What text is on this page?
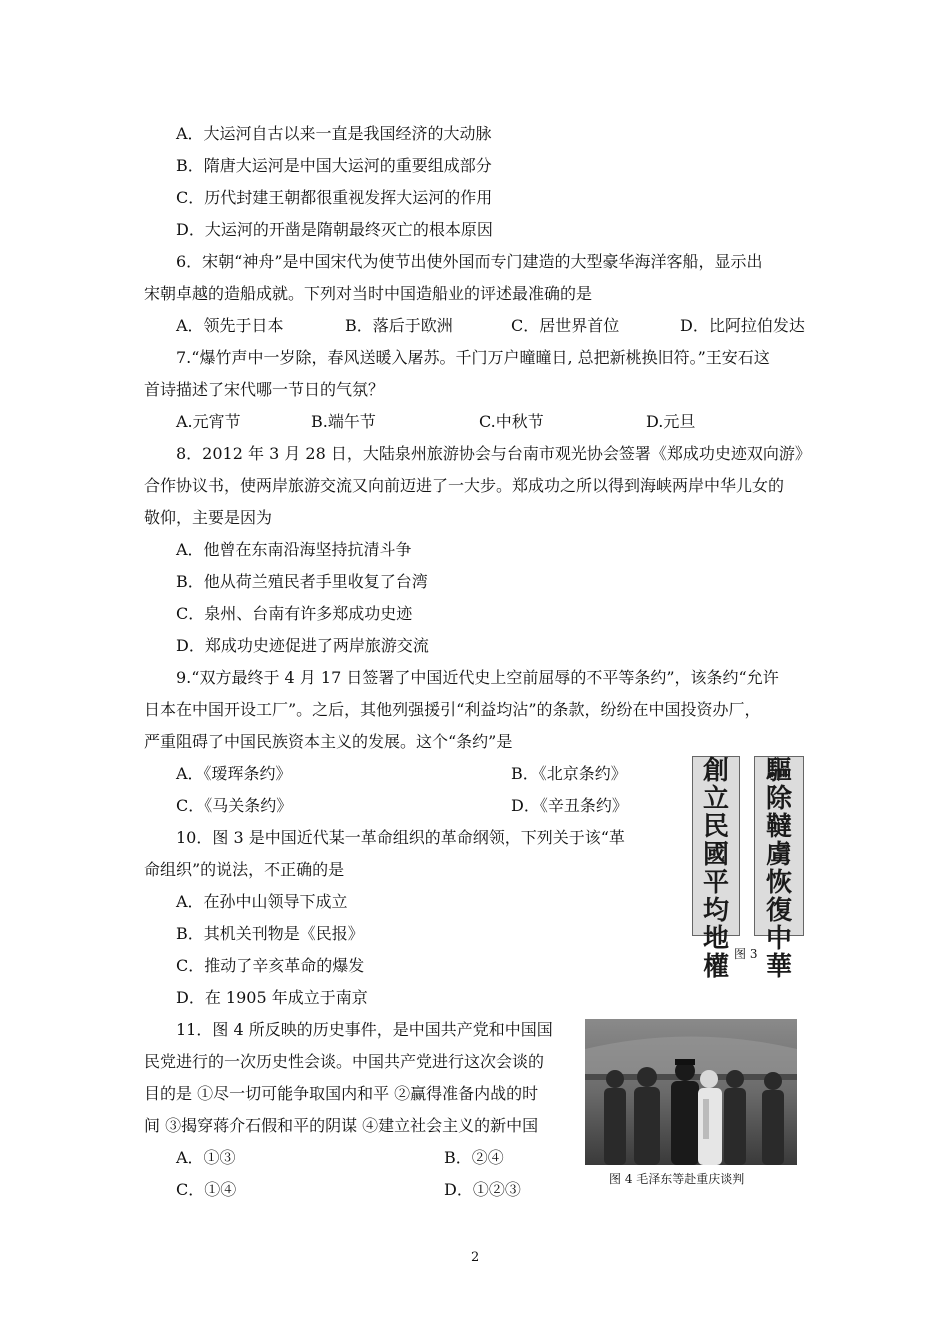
A．大运河自古以来一直是我国经济的大动脉
B．隋唐大运河是中国大运河的重要组成部分
C．历代封建王朝都很重视发挥大运河的作用
D．大运河的开凿是隋朝最终灭亡的根本原因
6．宋朝“神舟”是中国宋代为使节出使外国而专门建造的大型豪华海洋客船，显示出
宋朝卓越的造船成就。下列对当时中国造船业的评述最准确的是
A．领先于日本	B．落后于欧洲	C．居世界首位	D．比阿拉伯发达
7.“爆竹声中一岁除，春风送暖入屠苏。千门万户曈曈日, 总把新桃换旧符。”王安石这
首诗描述了宋代哪一节日的气氛？
A.元宵节	B.端午节	C.中秋节	D.元旦
8．2012 年 3 月 28 日，大陆泉州旅游协会与台南市观光协会签署《郑成功史迹双向游》
合作协议书，使两岸旅游交流又向前迈进了一大步。郑成功之所以得到海峡两岸中华儿女的
敬仰，主要是因为
A．他曾在东南沿海坚持抗清斗争
B．他从荷兰殖民者手里收复了台湾
C．泉州、台南有许多郑成功史迹
D．郑成功史迹促进了两岸旅游交流
9.“双方最终于 4 月 17 日签署了中国近代史上空前屈辱的不平等条约”，该条约“允许
日本在中国开设工厂”。之后，其他列强援引“利益均沾”的条款，纷纷在中国投资办厂，
严重阻碍了中国民族资本主义的发展。这个“条约”是
A．《瑷珲条约》	B．《北京条约》
C．《马关条约》	D．《辛丑条约》
10．图 3 是中国近代某一革命组织的革命纲领，下列关于该“革
命组织”的说法，不正确的是
A．在孙中山领导下成立
B．其机关刊物是《民报》
C．推动了辛亥革命的爆发
D．在 1905 年成立于南京
創
立
民
國
平
均
地
權
驅
除
韃
虜
恢
復
中
華
图 3
11．图 4 所反映的历史事件，是中国共产党和中国国
民党进行的一次历史性会谈。中国共产党进行这次会谈的
目的是 ①尽一切可能争取国内和平 ②赢得准备内战的时
间 ③揭穿蒋介石假和平的阴谋 ④建立社会主义的新中国
A．①③	B．②④
C．①④	D．①②③
图 4 毛泽东等赴重庆谈判
2
